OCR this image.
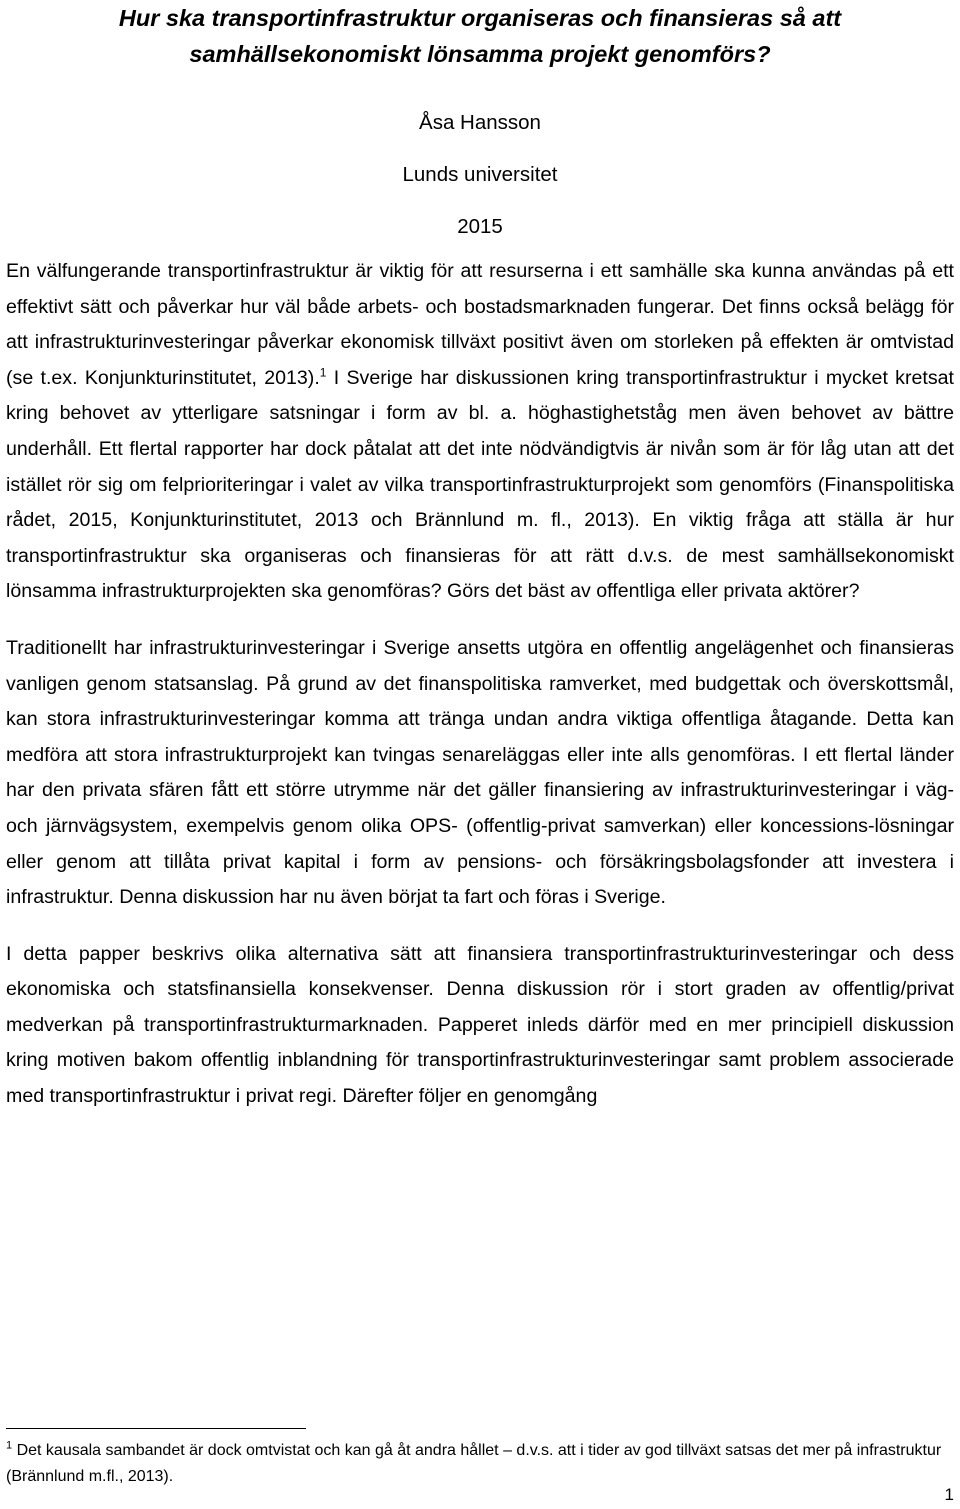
Hur ska transportinfrastruktur organiseras och finansieras så att
samhällsekonomiskt lönsamma projekt genomförs?

Åsa Hansson

Lunds universitet

2015

En välfungerande transportinfrastruktur är viktig för att resurserna i ett samhälle ska kunna användas på ett effektivt sätt och påverkar hur väl både arbets- och bostadsmarknaden fungerar. Det finns också belägg för att infrastrukturinvesteringar påverkar ekonomisk tillväxt positivt även om storleken på effekten är omtvistad (se t.ex. Konjunkturinstitutet, 2013).$^1$ I Sverige har diskussionen kring transportinfrastruktur i mycket kretsat kring behovet av ytterligare satsningar i form av bl. a. höghastighetståg men även behovet av bättre underhåll. Ett flertal rapporter har dock påtalat att det inte nödvändigtvis är nivån som är för låg utan att det istället rör sig om felprioriteringar i valet av vilka transportinfrastrukturprojekt som genomförs (Finanspolitiska rådet, 2015, Konjunkturinstitutet, 2013 och Brännlund m. fl., 2013). En viktig fråga att ställa är hur transportinfrastruktur ska organiseras och finansieras för att rätt d.v.s. de mest samhällsekonomiskt lönsamma infrastrukturprojekten ska genomföras? Görs det bäst av offentliga eller privata aktörer?

Traditionellt har infrastrukturinvesteringar i Sverige ansetts utgöra en offentlig angelägenhet och finansieras vanligen genom statsanslag. På grund av det finanspolitiska ramverket, med budgettak och överskottsmål, kan stora infrastrukturinvesteringar komma att tränga undan andra viktiga offentliga åtagande. Detta kan medföra att stora infrastrukturprojekt kan tvingas senareläggas eller inte alls genomföras. I ett flertal länder har den privata sfären fått ett större utrymme när det gäller finansiering av infrastrukturinvesteringar i väg- och järnvägsystem, exempelvis genom olika OPS- (offentlig-privat samverkan) eller koncessions-lösningar eller genom att tillåta privat kapital i form av pensions- och försäkringsbolagsfonder att investera i infrastruktur. Denna diskussion har nu även börjat ta fart och föras i Sverige.

I detta papper beskrivs olika alternativa sätt att finansiera transportinfrastrukturinvesteringar och dess ekonomiska och statsfinansiella konsekvenser. Denna diskussion rör i stort graden av offentlig/privat medverkan på transportinfrastrukturmarknaden. Papperet inleds därför med en mer principiell diskussion kring motiven bakom offentlig inblandning för transportinfrastrukturinvesteringar samt problem associerade med transportinfrastruktur i privat regi. Därefter följer en genomgång

$^1$ Det kausala sambandet är dock omtvistat och kan gå åt andra hållet – d.v.s. att i tider av god tillväxt satsas det mer på infrastruktur (Brännlund m.fl., 2013).

1
